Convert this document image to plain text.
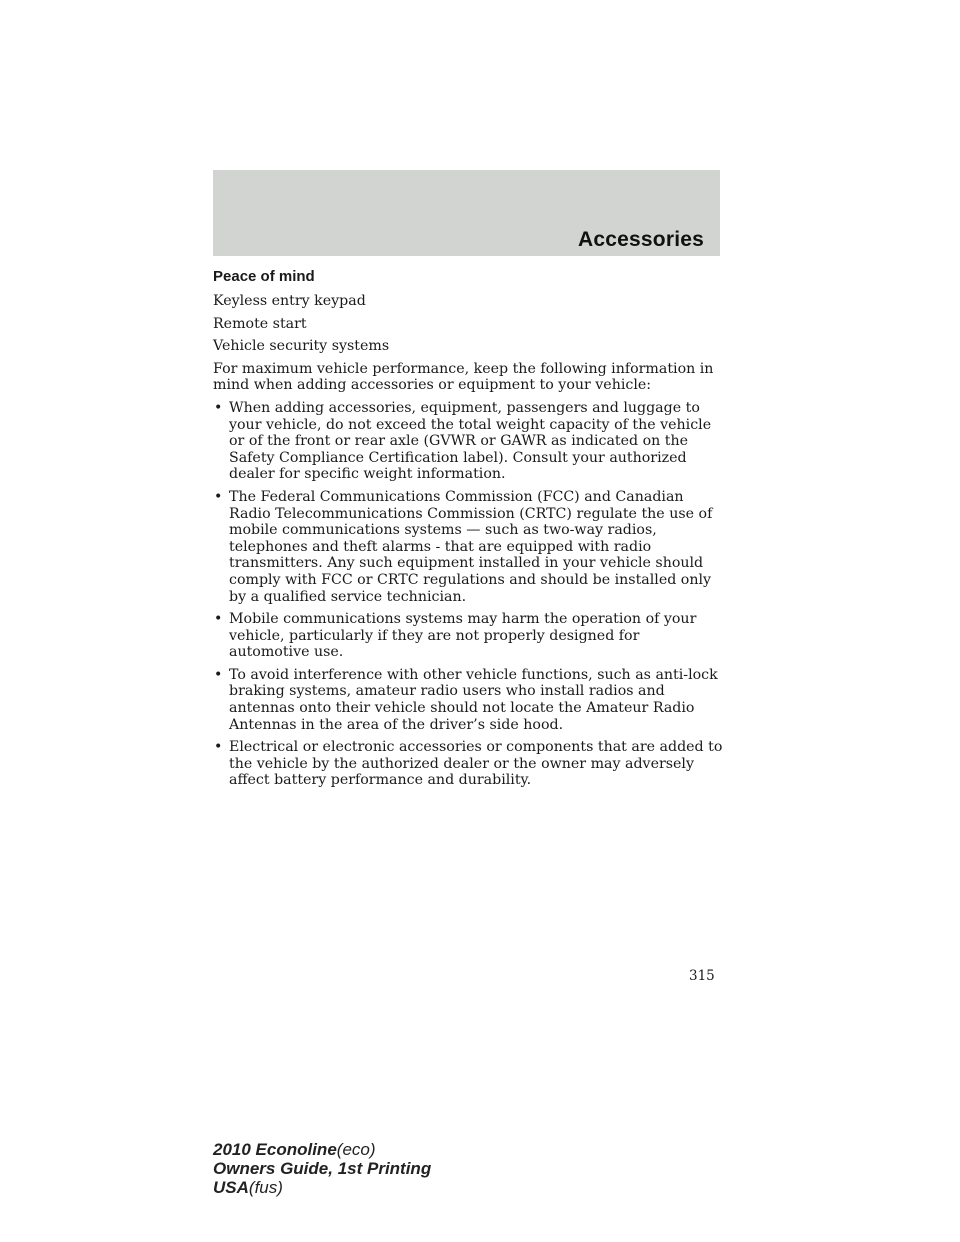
Accessories
Peace of mind
Keyless entry keypad
Remote start
Vehicle security systems
For maximum vehicle performance, keep the following information in mind when adding accessories or equipment to your vehicle:
• When adding accessories, equipment, passengers and luggage to your vehicle, do not exceed the total weight capacity of the vehicle or of the front or rear axle (GVWR or GAWR as indicated on the Safety Compliance Certification label). Consult your authorized dealer for specific weight information.
• The Federal Communications Commission (FCC) and Canadian Radio Telecommunications Commission (CRTC) regulate the use of mobile communications systems — such as two-way radios, telephones and theft alarms - that are equipped with radio transmitters. Any such equipment installed in your vehicle should comply with FCC or CRTC regulations and should be installed only by a qualified service technician.
• Mobile communications systems may harm the operation of your vehicle, particularly if they are not properly designed for automotive use.
• To avoid interference with other vehicle functions, such as anti-lock braking systems, amateur radio users who install radios and antennas onto their vehicle should not locate the Amateur Radio Antennas in the area of the driver’s side hood.
• Electrical or electronic accessories or components that are added to the vehicle by the authorized dealer or the owner may adversely affect battery performance and durability.
315
2010 Econoline(eco)
Owners Guide, 1st Printing
USA(fus)
